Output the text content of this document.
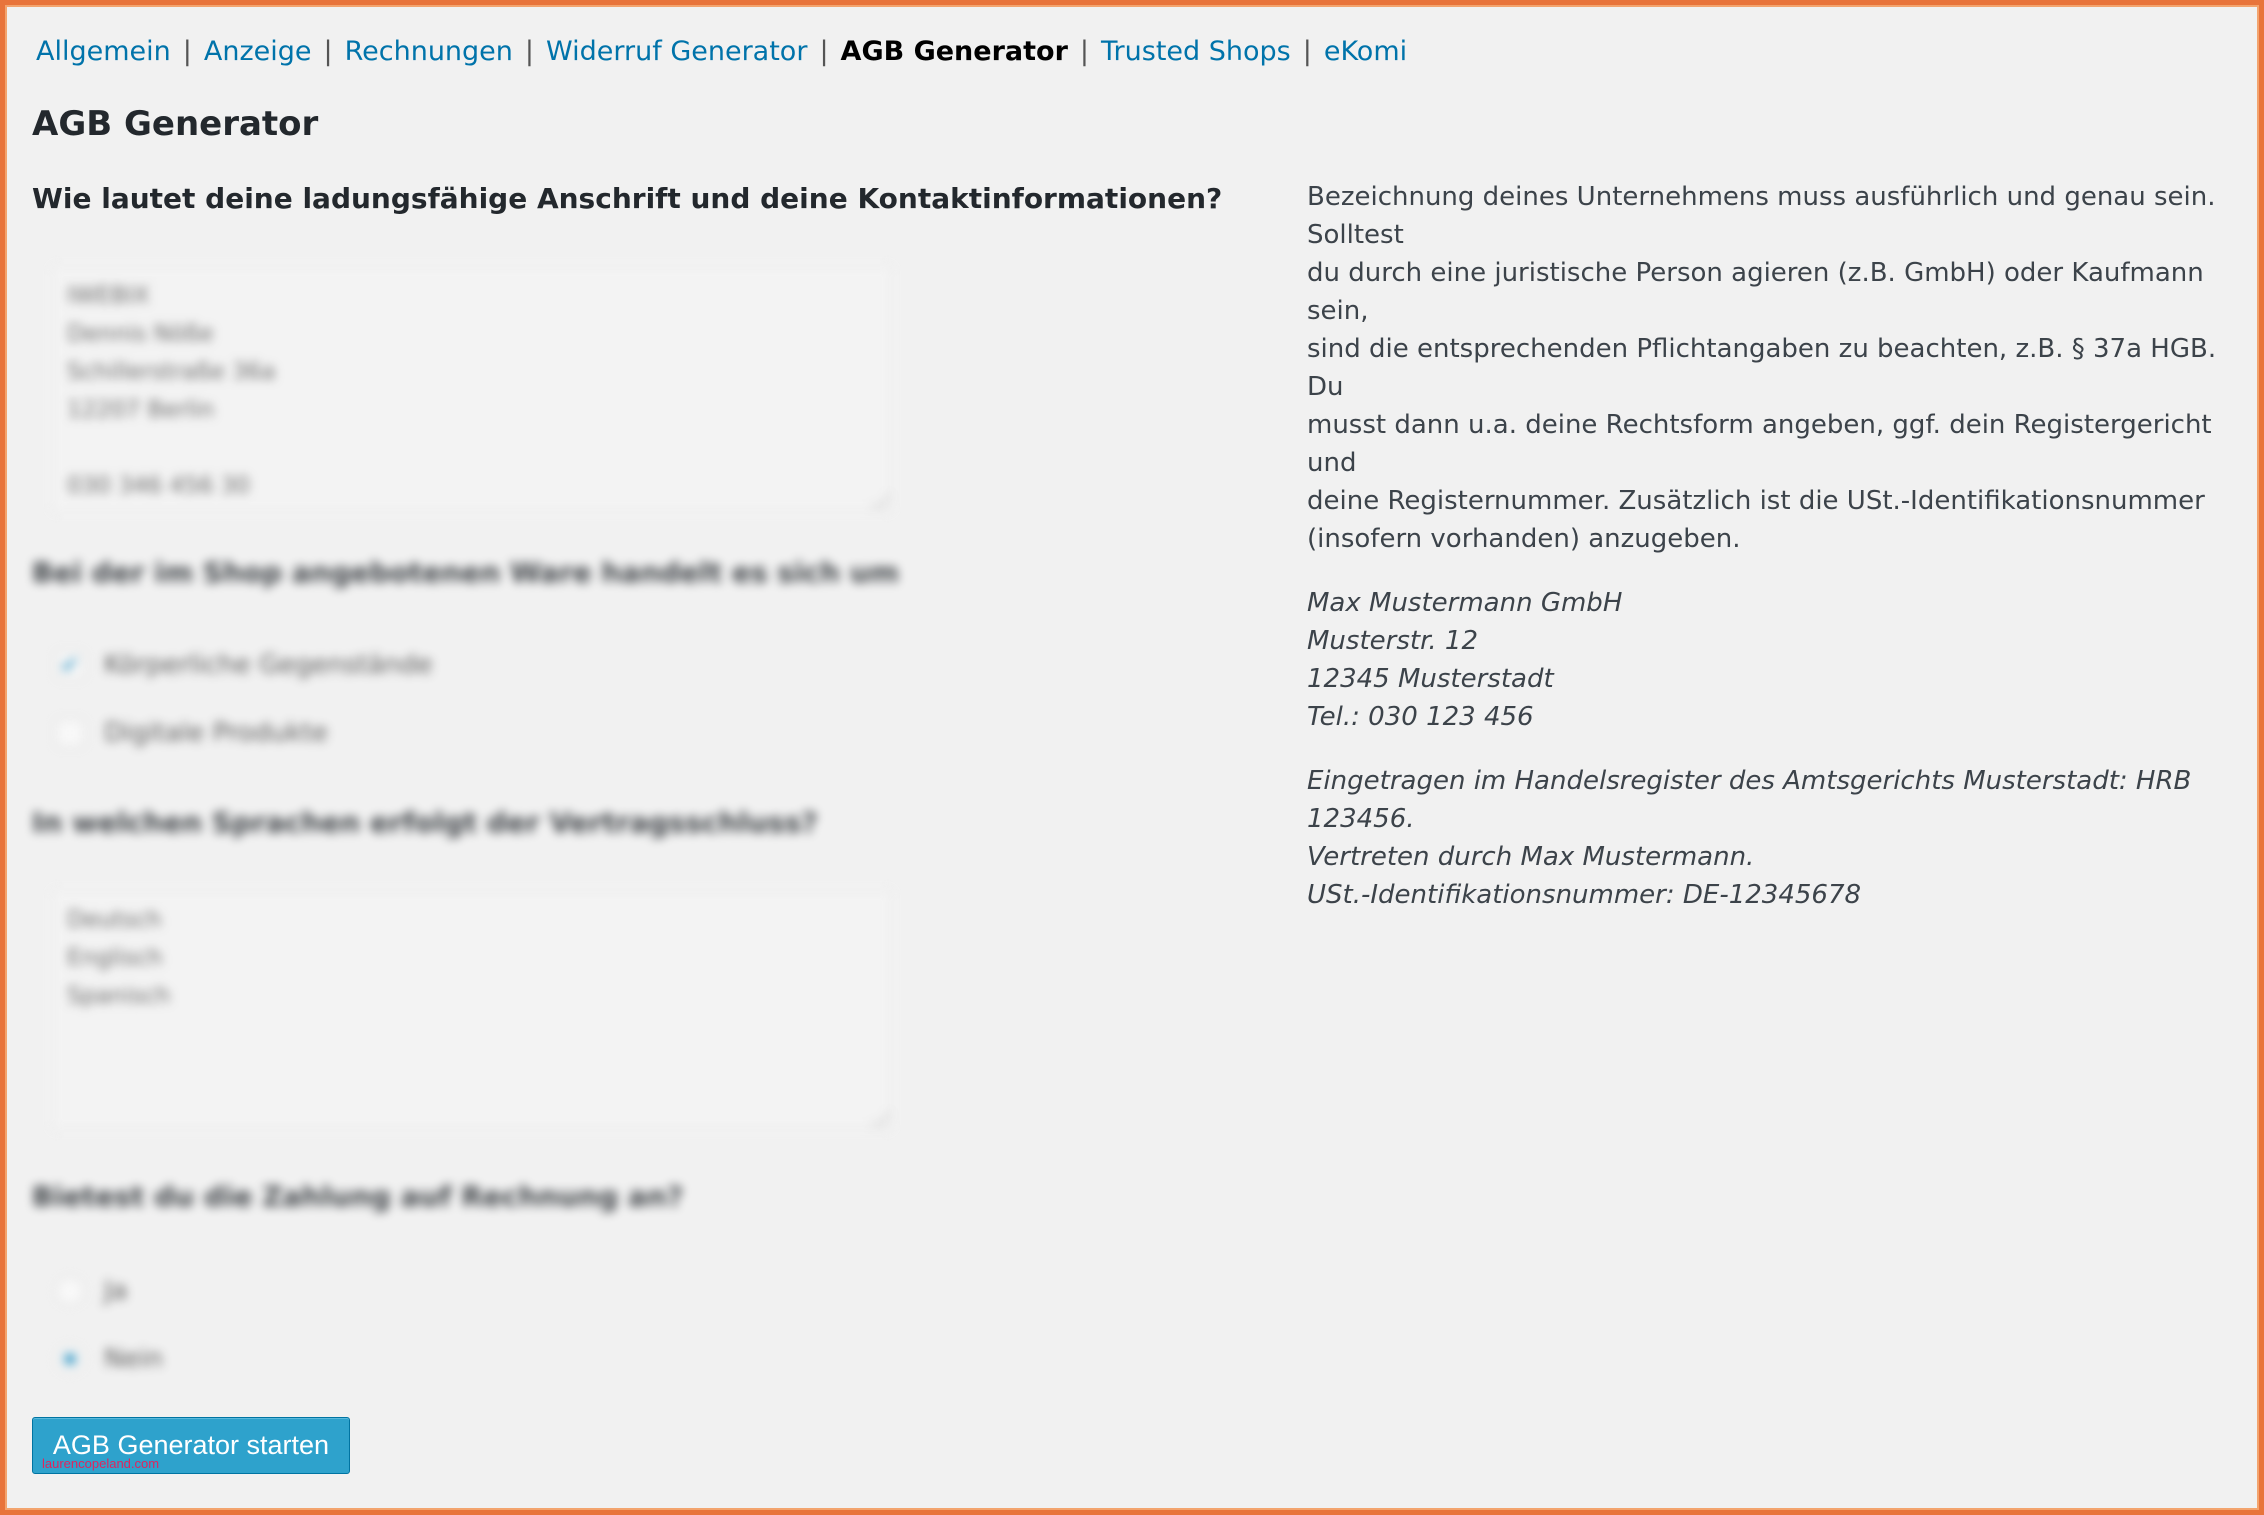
Allgemein | Anzeige | Rechnungen | Widerruf Generator | AGB Generator | Trusted Shops | eKomi
AGB Generator
Wie lautet deine ladungsfähige Anschrift und deine Kontaktinformationen?
IWEBIX
Dennis Nöße
Schillerstraße 36a
12207 Berlin
030 346 456 30
Bei der im Shop angebotenen Ware handelt es sich um
✔ Körperliche Gegenstände
Digitale Produkte
In welchen Sprachen erfolgt der Vertragsschluss?
Deutsch
Englisch
Spanisch
Bietest du die Zahlung auf Rechnung an?
Ja
Nein
AGB Generator starten

Bezeichnung deines Unternehmens muss ausführlich und genau sein. Solltest
du durch eine juristische Person agieren (z.B. GmbH) oder Kaufmann sein,
sind die entsprechenden Pflichtangaben zu beachten, z.B. § 37a HGB. Du
musst dann u.a. deine Rechtsform angeben, ggf. dein Registergericht und
deine Registernummer. Zusätzlich ist die USt.-Identifikationsnummer
(insofern vorhanden) anzugeben.

Max Mustermann GmbH
Musterstr. 12
12345 Musterstadt
Tel.: 030 123 456

Eingetragen im Handelsregister des Amtsgerichts Musterstadt: HRB 123456.
Vertreten durch Max Mustermann.
USt.-Identifikationsnummer: DE-12345678

laurencopeland.com
